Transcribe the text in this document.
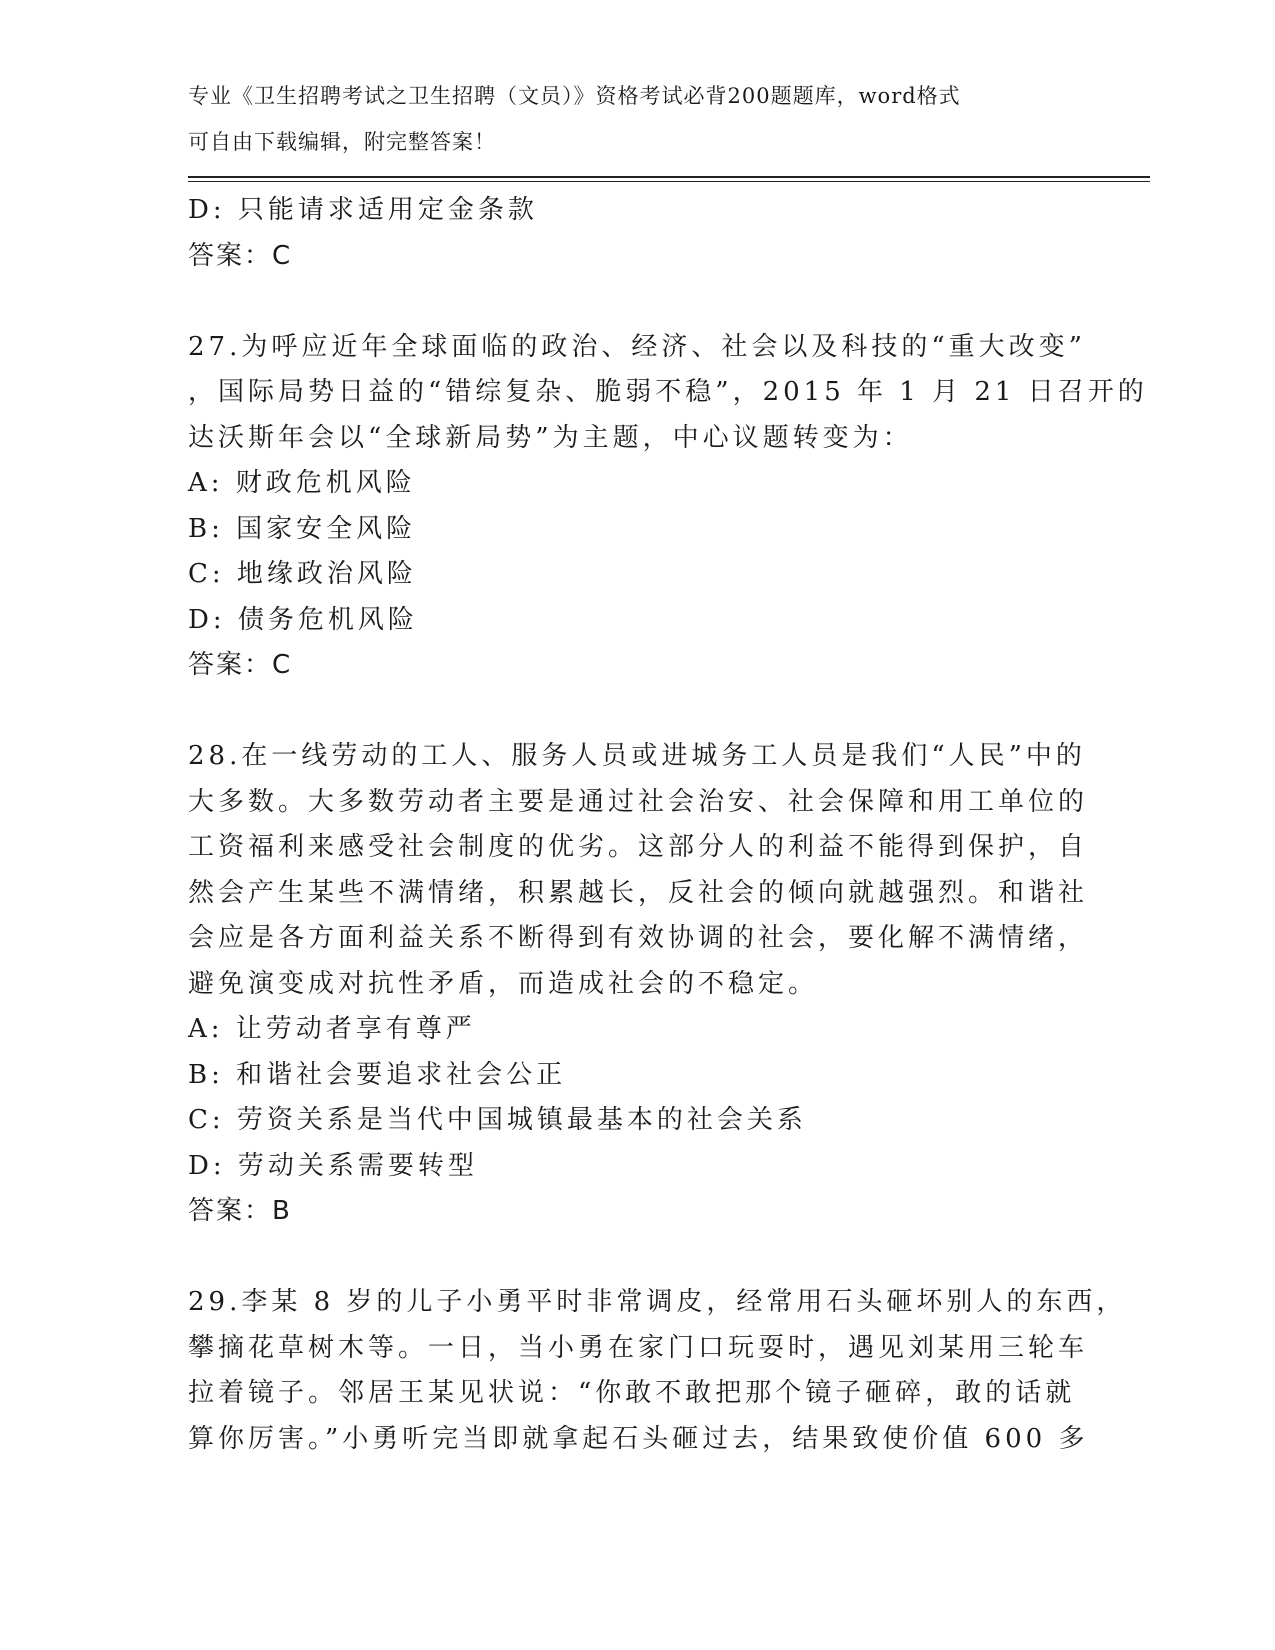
专业《卫生招聘考试之卫生招聘（文员）》资格考试必背200题题库，word格式
可自由下载编辑，附完整答案！
D: 只能请求适用定金条款
答案：C
27.为呼应近年全球面临的政治、经济、社会以及科技的“重大改变”
，国际局势日益的“错综复杂、脆弱不稳”，2015 年 1 月 21 日召开的
达沃斯年会以“全球新局势”为主题，中心议题转变为：
A: 财政危机风险
B: 国家安全风险
C: 地缘政治风险
D: 债务危机风险
答案：C
28.在一线劳动的工人、服务人员或进城务工人员是我们“人民”中的
大多数。大多数劳动者主要是通过社会治安、社会保障和用工单位的
工资福利来感受社会制度的优劣。这部分人的利益不能得到保护，自
然会产生某些不满情绪，积累越长，反社会的倾向就越强烈。和谐社
会应是各方面利益关系不断得到有效协调的社会，要化解不满情绪，
避免演变成对抗性矛盾，而造成社会的不稳定。
A: 让劳动者享有尊严
B: 和谐社会要追求社会公正
C: 劳资关系是当代中国城镇最基本的社会关系
D: 劳动关系需要转型
答案：B
29.李某 8 岁的儿子小勇平时非常调皮，经常用石头砸坏别人的东西，
攀摘花草树木等。一日，当小勇在家门口玩耍时，遇见刘某用三轮车
拉着镜子。邻居王某见状说：“你敢不敢把那个镜子砸碎，敢的话就
算你厉害。”小勇听完当即就拿起石头砸过去，结果致使价值 600 多
